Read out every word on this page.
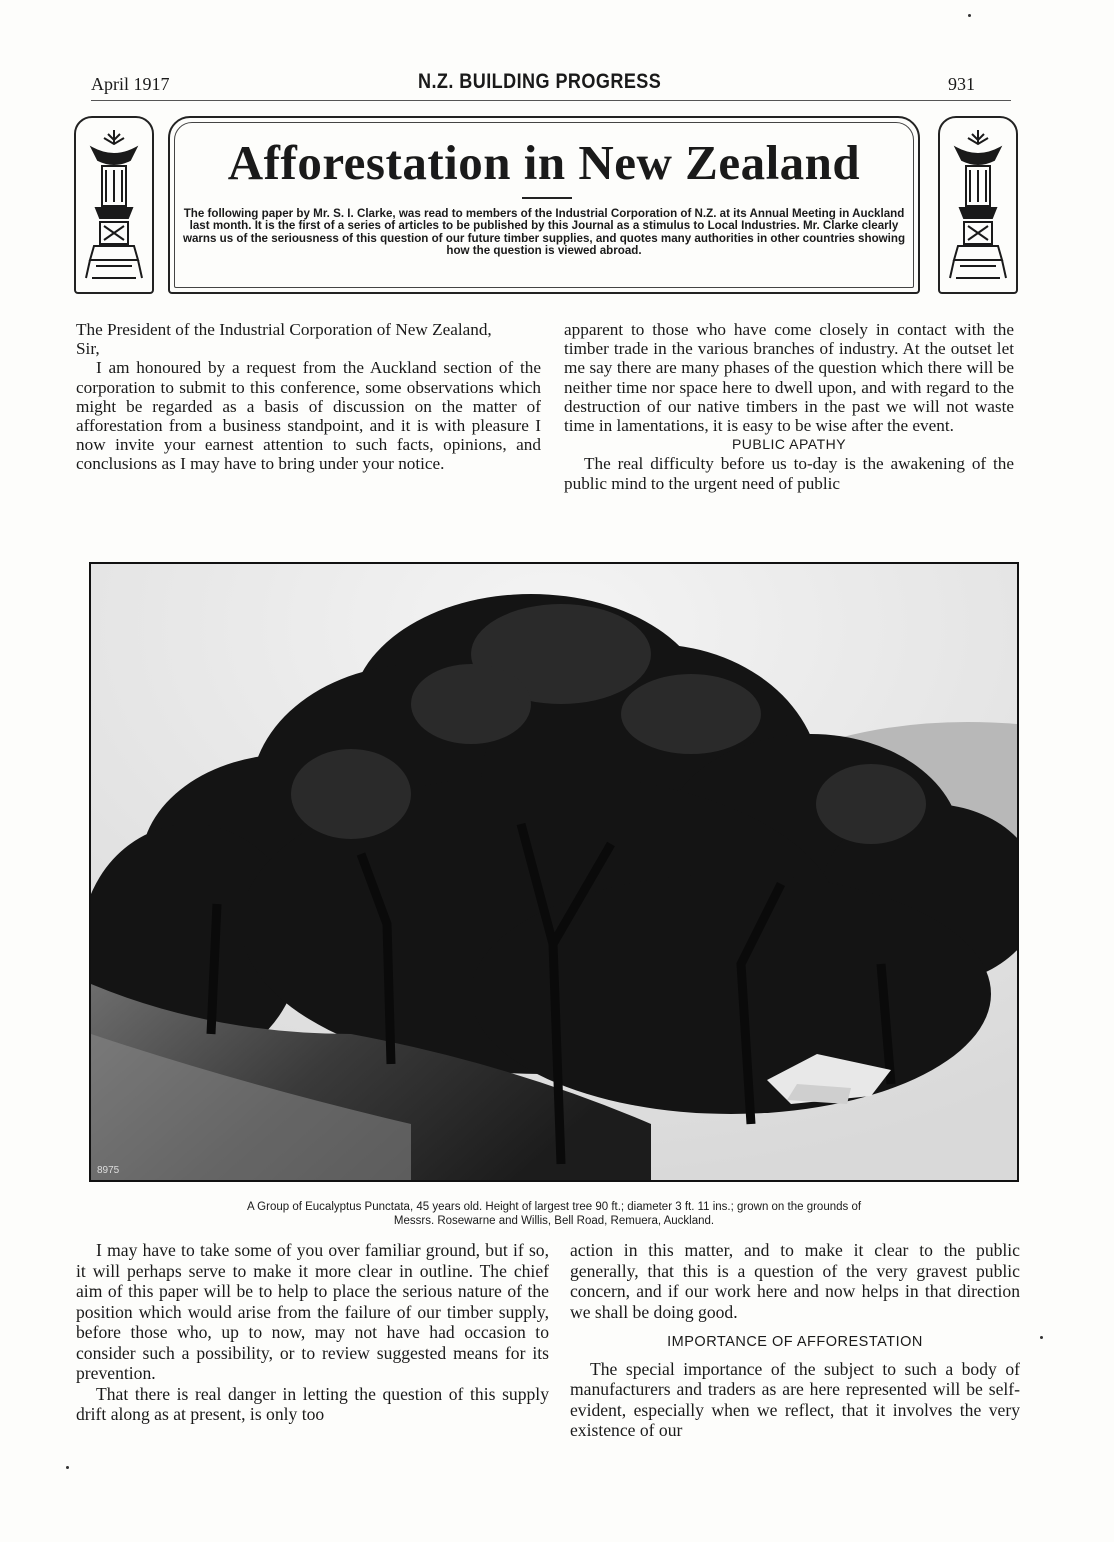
April 1917	N.Z. BUILDING PROGRESS	931
Afforestation in New Zealand
The following paper by Mr. S. I. Clarke, was read to members of the Industrial Corporation of N.Z. at its Annual Meeting in Auckland last month. It is the first of a series of articles to be published by this Journal as a stimulus to Local Industries. Mr. Clarke clearly warns us of the seriousness of this question of our future timber supplies, and quotes many authorities in other countries showing how the question is viewed abroad.

The President of the Industrial Corporation of New Zealand,

Sir,

I am honoured by a request from the Auckland section of the corporation to submit to this conference, some observations which might be regarded as a basis of discussion on the matter of afforestation from a business standpoint, and it is with pleasure I now invite your earnest attention to such facts, opinions, and conclusions as I may have to bring under your notice.

apparent to those who have come closely in contact with the timber trade in the various branches of industry. At the outset let me say there are many phases of the question which there will be neither time nor space here to dwell upon, and with regard to the destruction of our native timbers in the past we will not waste time in lamentations, it is easy to be wise after the event.

PUBLIC APATHY

The real difficulty before us to-day is the awakening of the public mind to the urgent need of public

8975
A Group of Eucalyptus Punctata, 45 years old. Height of largest tree 90 ft.; diameter 3 ft. 11 ins.; grown on the grounds of
Messrs. Rosewarne and Willis, Bell Road, Remuera, Auckland.

I may have to take some of you over familiar ground, but if so, it will perhaps serve to make it more clear in outline. The chief aim of this paper will be to help to place the serious nature of the position which would arise from the failure of our timber supply, before those who, up to now, may not have had occasion to consider such a possibility, or to review suggested means for its prevention.

That there is real danger in letting the question of this supply drift along as at present, is only too

action in this matter, and to make it clear to the public generally, that this is a question of the very gravest public concern, and if our work here and now helps in that direction we shall be doing good.

IMPORTANCE OF AFFORESTATION

The special importance of the subject to such a body of manufacturers and traders as are here represented will be self-evident, especially when we reflect, that it involves the very existence of our
